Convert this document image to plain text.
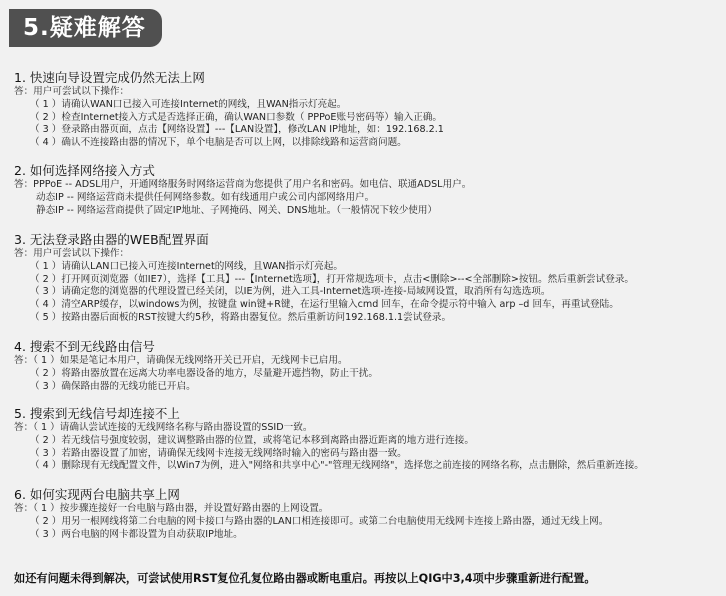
5.疑难解答
1. 快速向导设置完成仍然无法上网
答：用户可尝试以下操作：
（ 1 ）请确认WAN口已接入可连接Internet的网线，且WAN指示灯亮起。
（ 2 ）检查Internet接入方式是否选择正确，确认WAN口参数（ PPPoE账号密码等）输入正确。
（ 3 ）登录路由器页面，点击【网络设置】---【LAN设置】，修改LAN IP地址，如：192.168.2.1
（ 4 ）确认不连接路由器的情况下，单个电脑是否可以上网，以排除线路和运营商问题。
2. 如何选择网络接入方式
答：PPPoE -- ADSL用户，开通网络服务时网络运营商为您提供了用户名和密码。如电信、联通ADSL用户。
动态IP -- 网络运营商未提供任何网络参数。如有线通用户或公司内部网络用户。
静态IP -- 网络运营商提供了固定IP地址、子网掩码、网关、DNS地址。（一般情况下较少使用）
3. 无法登录路由器的WEB配置界面
答：用户可尝试以下操作：
（ 1 ）请确认LAN口已接入可连接Internet的网线，且WAN指示灯亮起。
（ 2 ）打开网页浏览器（如IE7），选择【工具】---【Internet选项】，打开常规选项卡，点击<删除>--<全部删除>按钮。然后重新尝试登录。
（ 3 ）请确定您的浏览器的代理设置已经关闭，以IE为例，进入工具-Internet选项-连接-局域网设置，取消所有勾选选项。
（ 4 ）清空ARP缓存，以windows为例，按键盘 win键+R键，在运行里输入cmd 回车，在命令提示符中输入 arp –d 回车，再重试登陆。
（ 5 ）按路由器后面板的RST按键大约5秒，将路由器复位。然后重新访问192.168.1.1尝试登录。
4. 搜索不到无线路由信号
答：（ 1 ）如果是笔记本用户，请确保无线网络开关已开启，无线网卡已启用。
（ 2 ）将路由器放置在远离大功率电器设备的地方，尽量避开遮挡物，防止干扰。
（ 3 ）确保路由器的无线功能已开启。
5. 搜索到无线信号却连接不上
答：（ 1 ）请确认尝试连接的无线网络名称与路由器设置的SSID一致。
（ 2 ）若无线信号强度较弱，建议调整路由器的位置，或将笔记本移到离路由器近距离的地方进行连接。
（ 3 ）若路由器设置了加密，请确保无线网卡连接无线网络时输入的密码与路由器一致。
（ 4 ）删除现有无线配置文件，以Win7为例，进入"网络和共享中心"-"管理无线网络"，选择您之前连接的网络名称，点击删除，然后重新连接。
6. 如何实现两台电脑共享上网
答：（ 1 ）按步骤连接好一台电脑与路由器，并设置好路由器的上网设置。
（ 2 ）用另一根网线将第二台电脑的网卡接口与路由器的LAN口相连接即可。或第二台电脑使用无线网卡连接上路由器，通过无线上网。
（ 3 ）两台电脑的网卡都设置为自动获取IP地址。
如还有问题未得到解决，可尝试使用RST复位孔复位路由器或断电重启。再按以上QIG中3,4项中步骤重新进行配置。
